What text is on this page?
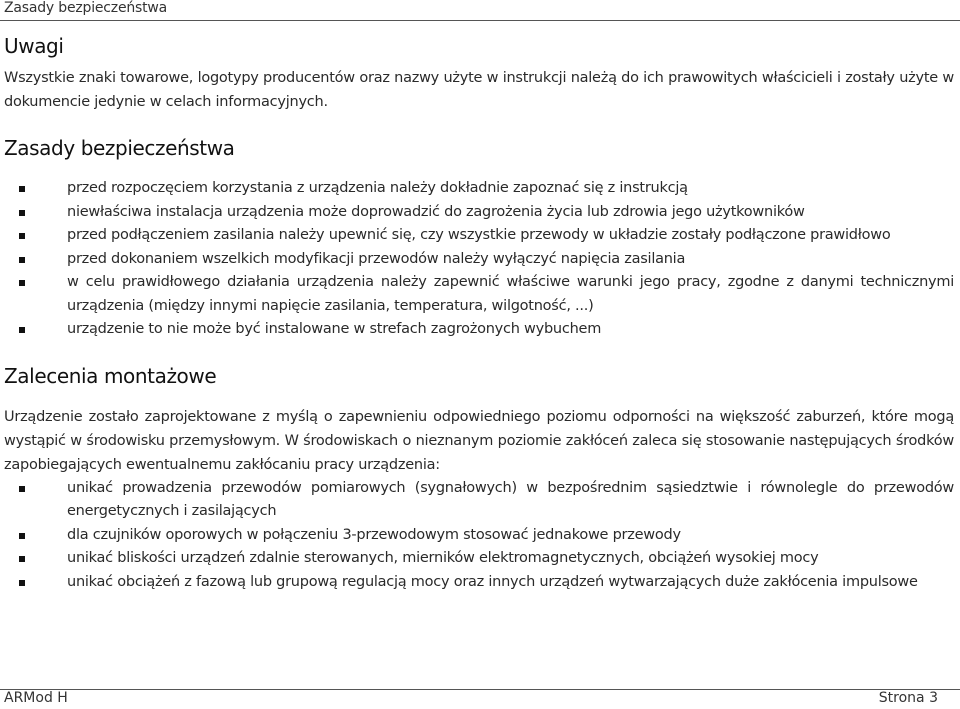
Zasady bezpieczeństwa
Uwagi

Wszystkie znaki towarowe, logotypy producentów oraz nazwy użyte w instrukcji należą do ich prawowitych właścicieli i zostały użyte w dokumencie jedynie w celach informacyjnych.

Zasady bezpieczeństwa
przed rozpoczęciem korzystania z urządzenia należy dokładnie zapoznać się z instrukcją
niewłaściwa instalacja urządzenia może doprowadzić do zagrożenia życia lub zdrowia jego użytkowników
przed podłączeniem zasilania należy upewnić się, czy wszystkie przewody w układzie zostały podłączone prawidłowo
przed dokonaniem wszelkich modyfikacji przewodów należy wyłączyć napięcia zasilania
w celu prawidłowego działania urządzenia należy zapewnić właściwe warunki jego pracy, zgodne z danymi technicznymi urządzenia (między innymi napięcie zasilania, temperatura, wilgotność, ...)
urządzenie to nie może być instalowane w strefach zagrożonych wybuchem
Zalecenia montażowe

Urządzenie zostało zaprojektowane z myślą o zapewnieniu odpowiedniego poziomu odporności na większość zaburzeń, które mogą wystąpić w środowisku przemysłowym. W środowiskach o nieznanym poziomie zakłóceń zaleca się stosowanie następujących środków zapobiegających ewentualnemu zakłócaniu pracy urządzenia:

unikać prowadzenia przewodów pomiarowych (sygnałowych) w bezpośrednim sąsiedztwie i równolegle do przewodów energetycznych i zasilających
dla czujników oporowych w połączeniu 3-przewodowym stosować jednakowe przewody
unikać bliskości urządzeń zdalnie sterowanych, mierników elektromagnetycznych, obciążeń wysokiej mocy
unikać obciążeń z fazową lub grupową regulacją mocy oraz innych urządzeń wytwarzających duże zakłócenia impulsowe
ARMod H	Strona 3
